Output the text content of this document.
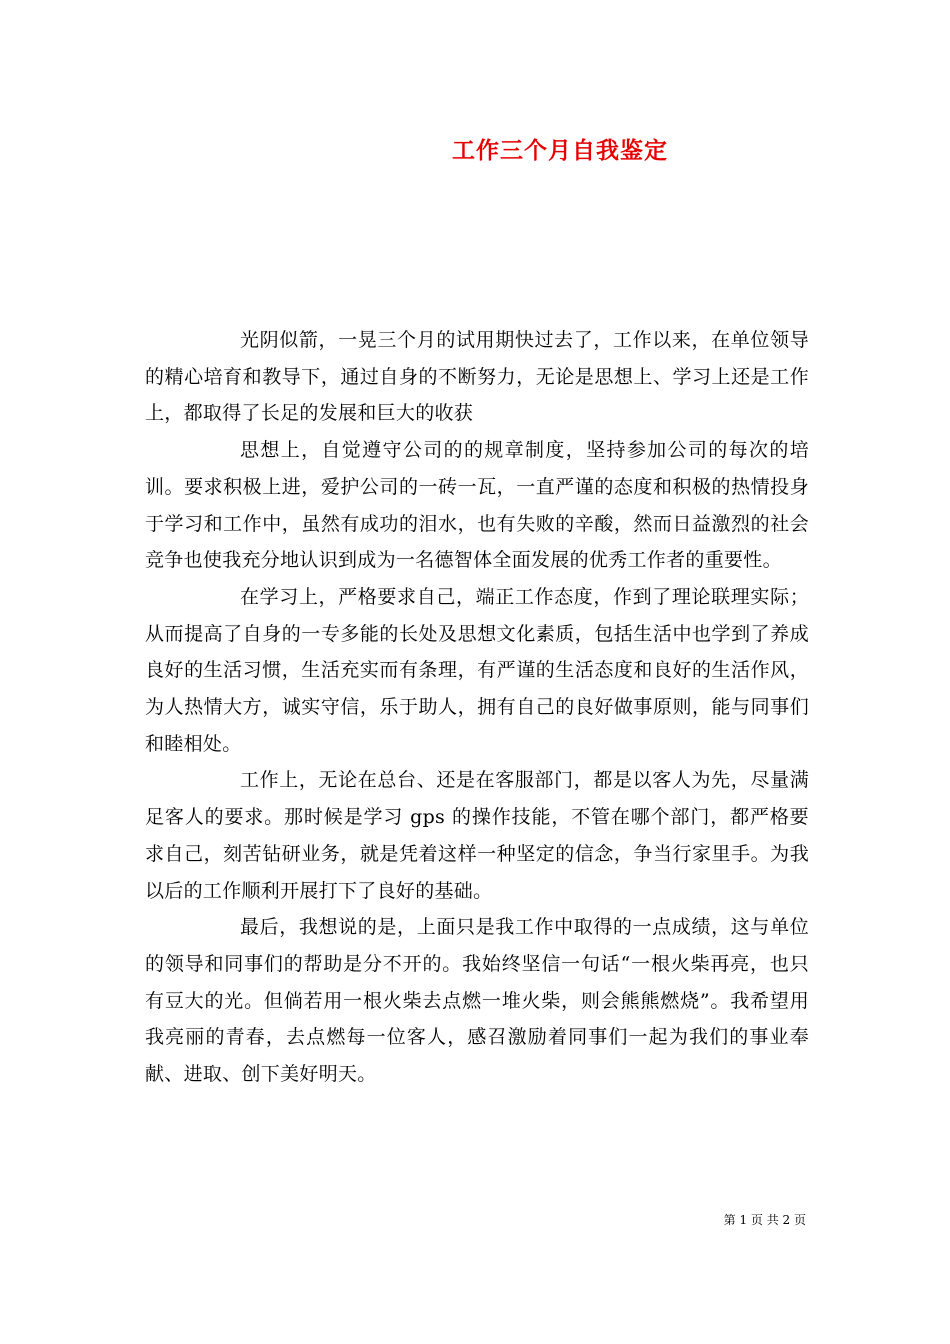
工作三个月自我鉴定

光阴似箭，一晃三个月的试用期快过去了，工作以来，在单位领导的精心培育和教导下，通过自身的不断努力，无论是思想上、学习上还是工作上，都取得了长足的发展和巨大的收获

思想上，自觉遵守公司的的规章制度，坚持参加公司的每次的培训。要求积极上进，爱护公司的一砖一瓦，一直严谨的态度和积极的热情投身于学习和工作中，虽然有成功的泪水，也有失败的辛酸，然而日益激烈的社会竞争也使我充分地认识到成为一名德智体全面发展的优秀工作者的重要性。

在学习上，严格要求自己，端正工作态度，作到了理论联理实际；从而提高了自身的一专多能的长处及思想文化素质，包括生活中也学到了养成良好的生活习惯，生活充实而有条理，有严谨的生活态度和良好的生活作风，为人热情大方，诚实守信，乐于助人，拥有自己的良好做事原则，能与同事们和睦相处。

工作上，无论在总台、还是在客服部门，都是以客人为先，尽量满足客人的要求。那时候是学习 gps 的操作技能，不管在哪个部门，都严格要求自己，刻苦钻研业务，就是凭着这样一种坚定的信念，争当行家里手。为我以后的工作顺利开展打下了良好的基础。

最后，我想说的是，上面只是我工作中取得的一点成绩，这与单位的领导和同事们的帮助是分不开的。我始终坚信一句话“一根火柴再亮，也只有豆大的光。但倘若用一根火柴去点燃一堆火柴，则会熊熊燃烧”。我希望用我亮丽的青春，去点燃每一位客人，感召激励着同事们一起为我们的事业奉献、进取、创下美好明天。

第 1 页 共 2 页
